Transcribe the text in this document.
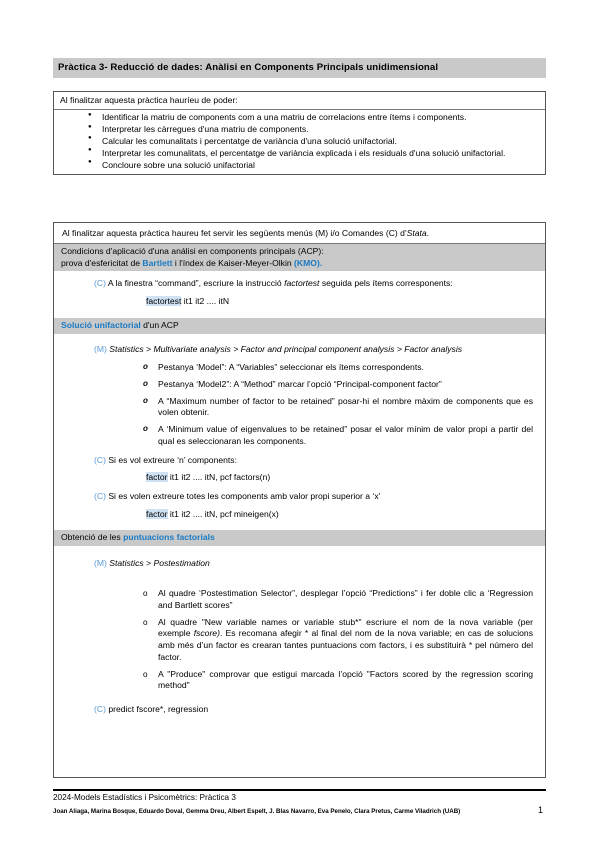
Pràctica 3- Reducció de dades: Anàlisi en Components Principals unidimensional
Al finalitzar aquesta pràctica hauríeu de poder:
● Identificar la matriu de components com a una matriu de correlacions entre ítems i components.
● Interpretar les càrregues d'una matriu de components.
● Calcular les comunalitats i percentatge de variància d'una solució unifactorial.
● Interpretar les comunalitats, el percentatge de variància explicada i els residuals d'una solució unifactorial.
● Concloure sobre una solució unifactorial
Al finalitzar aquesta pràctica haureu fet servir les següents menús (M) i/o Comandes (C) d'Stata.
Condicions d'aplicació d'una análisi en components principals (ACP):
prova d'esfericitat de Bartlett i l'índex de Kaiser-Meyer-Olkin (KMO).
(C) A la finestra “command”, escriure la instrucció factortest seguida pels ítems corresponents:
factortest it1 it2 .... itN
Solució unifactorial d'un ACP
(M) Statistics > Multivariate analysis > Factor and principal component analysis > Factor analysis
o Pestanya ‘Model”: A “Variables” seleccionar els ítems correspondents.
o Pestanya ‘Model2”: A “Method” marcar l’opció “Principal-component factor”
o A “Maximum number of factor to be retained” posar-hi el nombre màxim de components que es volen obtenir.
o A ‘Minimum value of eigenvalues to be retained” posar el valor mínim de valor propi a partir del qual es seleccionaran les components.
(C) Si es vol extreure ‘n’ components:
factor it1 it2 .... itN, pcf factors(n)
(C) Si es volen extreure totes les components amb valor propi superior a ‘x’
factor it1 it2 .... itN, pcf mineigen(x)
Obtenció de les puntuacions factorials
(M) Statistics > Postestimation
o Al quadre ‘Postestimation Selector”, desplegar l’opció “Predictions” i fer doble clic a ‘Regression and Bartlett scores”
o Al quadre "New variable names or variable stub*" escriure el nom de la nova variable (per exemple fscore). Es recomana afegir * al final del nom de la nova variable; en cas de solucions amb més d’un factor es crearan tantes puntuacions com factors, i es substituirà * pel número del factor.
o A "Produce" comprovar que estigui marcada l’opció "Factors scored by the regression scoring method"
(C) predict fscore*, regression
2024-Models Estadístics i Psicomètrics: Pràctica 3
Joan Aliaga, Marina Bosque, Eduardo Doval, Gemma Dreu, Albert Espelt, J. Blas Navarro, Eva Penelo, Clara Pretus, Carme Viladrich (UAB)	1
